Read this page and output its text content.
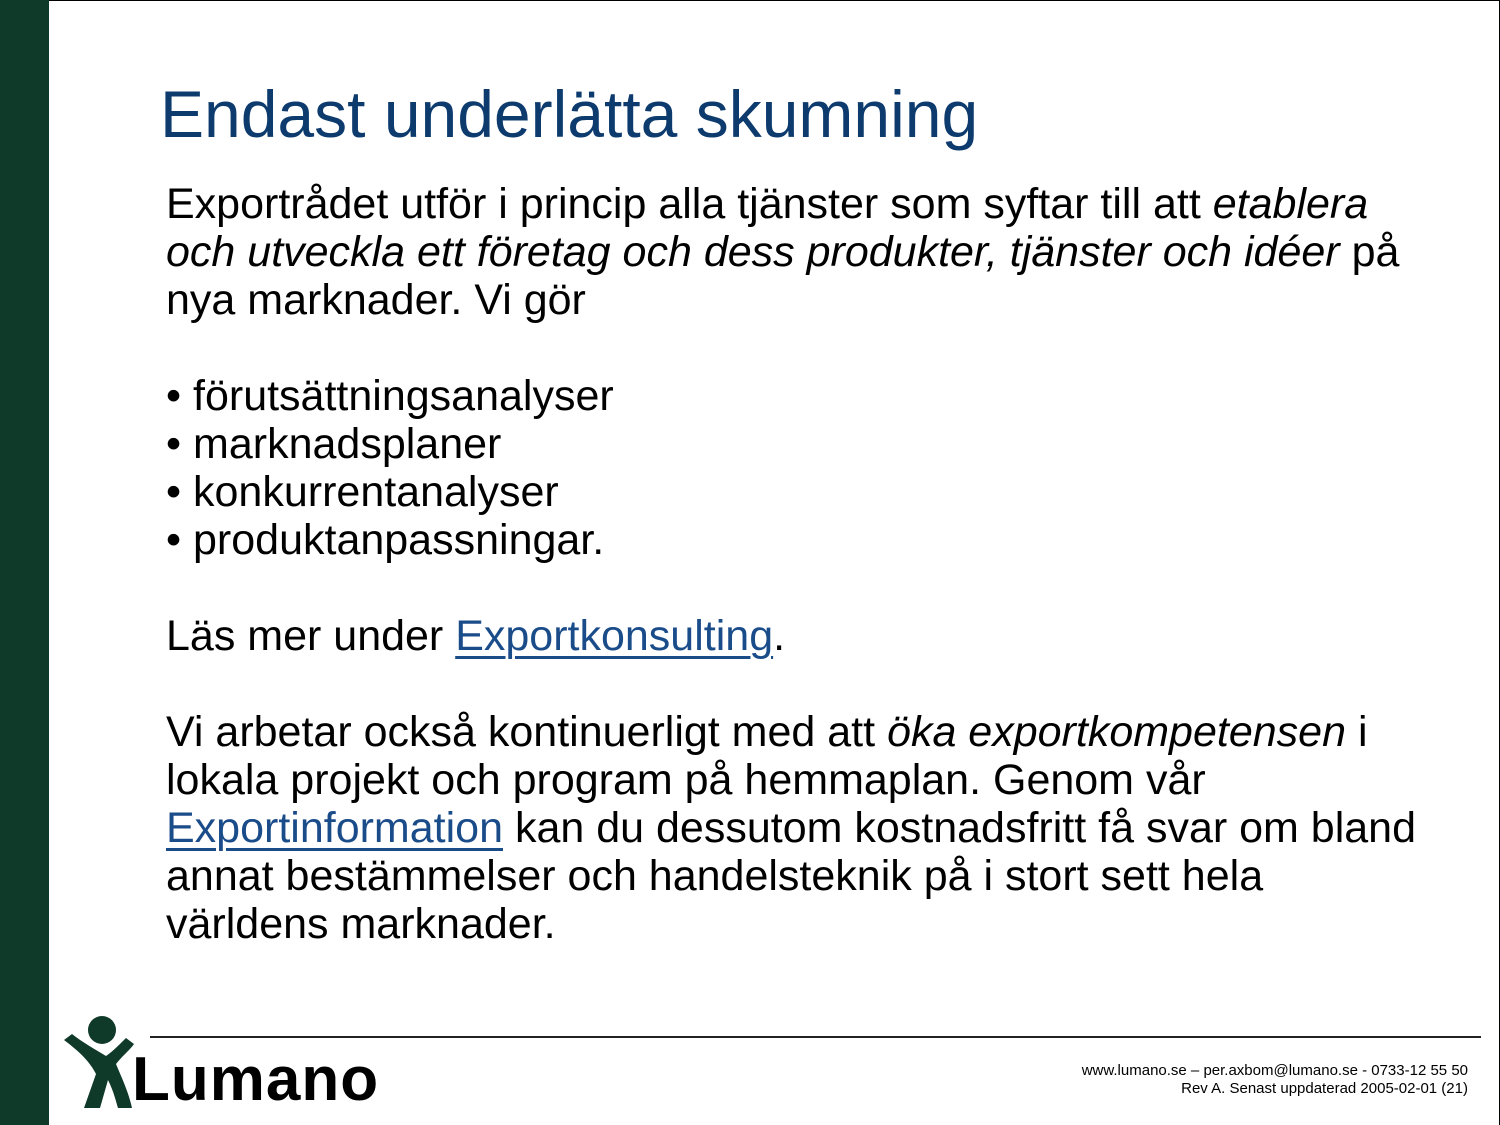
Endast underlätta skumning

Exportrådet utför i princip alla tjänster som syftar till att etablera och utveckla ett företag och dess produkter, tjänster och idéer på nya marknader. Vi gör

• förutsättningsanalyser
• marknadsplaner
• konkurrentanalyser
• produktanpassningar.

Läs mer under Exportkonsulting.

Vi arbetar också kontinuerligt med att öka exportkompetensen i lokala projekt och program på hemmaplan. Genom vår Exportinformation kan du dessutom kostnadsfritt få svar om bland annat bestämmelser och handelsteknik på i stort sett hela världens marknader.

Lumano	www.lumano.se – per.axbom@lumano.se - 0733-12 55 50
Rev A. Senast uppdaterad 2005-02-01 (21)
